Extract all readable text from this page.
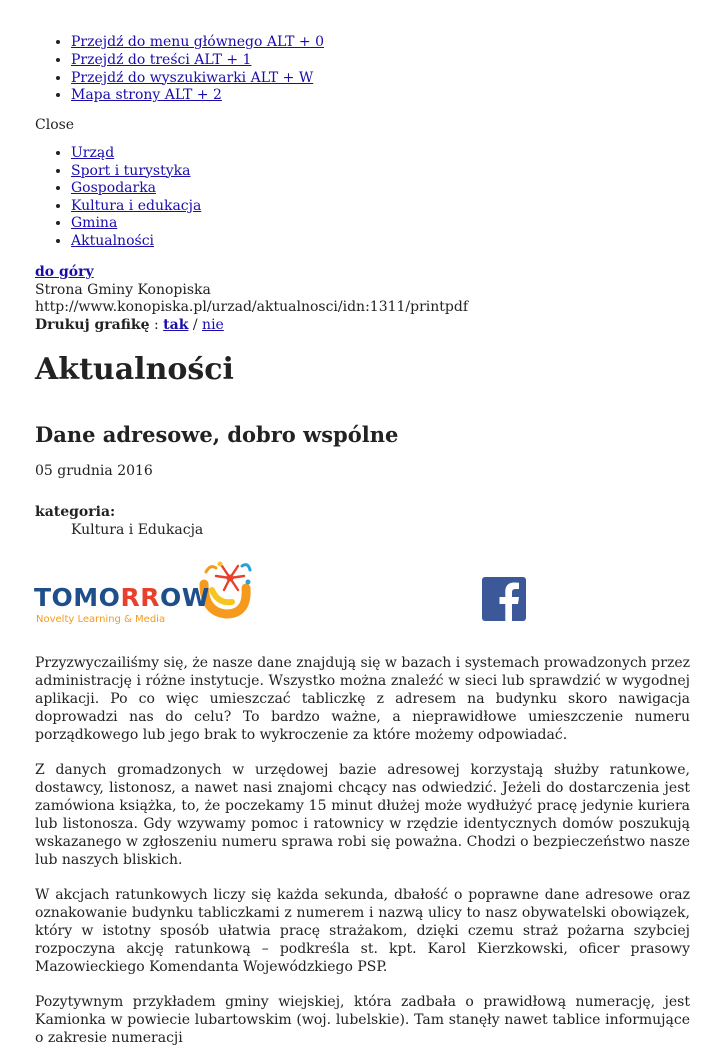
• Przejdź do menu głównego ALT + 0
• Przejdź do treści ALT + 1
• Przejdź do wyszukiwarki ALT + W
• Mapa strony ALT + 2
Close
• Urząd
• Sport i turystyka
• Gospodarka
• Kultura i edukacja
• Gmina
• Aktualności
do góry
Strona Gminy Konopiska
http://www.konopiska.pl/urzad/aktualnosci/idn:1311/printpdf
Drukuj grafikę : tak / nie
Aktualności
Dane adresowe, dobro wspólne
05 grudnia 2016
kategoria:
Kultura i Edukacja
TOMORROW
Novelty Learning & Media

Przyzwyczailiśmy się, że nasze dane znajdują się w bazach i systemach prowadzonych przez administrację i różne instytucje. Wszystko można znaleźć w sieci lub sprawdzić w wygodnej aplikacji. Po co więc umieszczać tabliczkę z adresem na budynku skoro nawigacja doprowadzi nas do celu? To bardzo ważne, a nieprawidłowe umieszczenie numeru porządkowego lub jego brak to wykroczenie za które możemy odpowiadać.

Z danych gromadzonych w urzędowej bazie adresowej korzystają służby ratunkowe, dostawcy, listonosz, a nawet nasi znajomi chcący nas odwiedzić. Jeżeli do dostarczenia jest zamówiona książka, to, że poczekamy 15 minut dłużej może wydłużyć pracę jedynie kuriera lub listonosza. Gdy wzywamy pomoc i ratownicy w rzędzie identycznych domów poszukują wskazanego w zgłoszeniu numeru sprawa robi się poważna. Chodzi o bezpieczeństwo nasze lub naszych bliskich.

W akcjach ratunkowych liczy się każda sekunda, dbałość o poprawne dane adresowe oraz oznakowanie budynku tabliczkami z numerem i nazwą ulicy to nasz obywatelski obowiązek, który w istotny sposób ułatwia pracę strażakom, dzięki czemu straż pożarna szybciej rozpoczyna akcję ratunkową – podkreśla st. kpt. Karol Kierzkowski, oficer prasowy Mazowieckiego Komendanta Wojewódzkiego PSP.

Pozytywnym przykładem gminy wiejskiej, która zadbała o prawidłową numerację, jest Kamionka w powiecie lubartowskim (woj. lubelskie). Tam stanęły nawet tablice informujące o zakresie numeracji
